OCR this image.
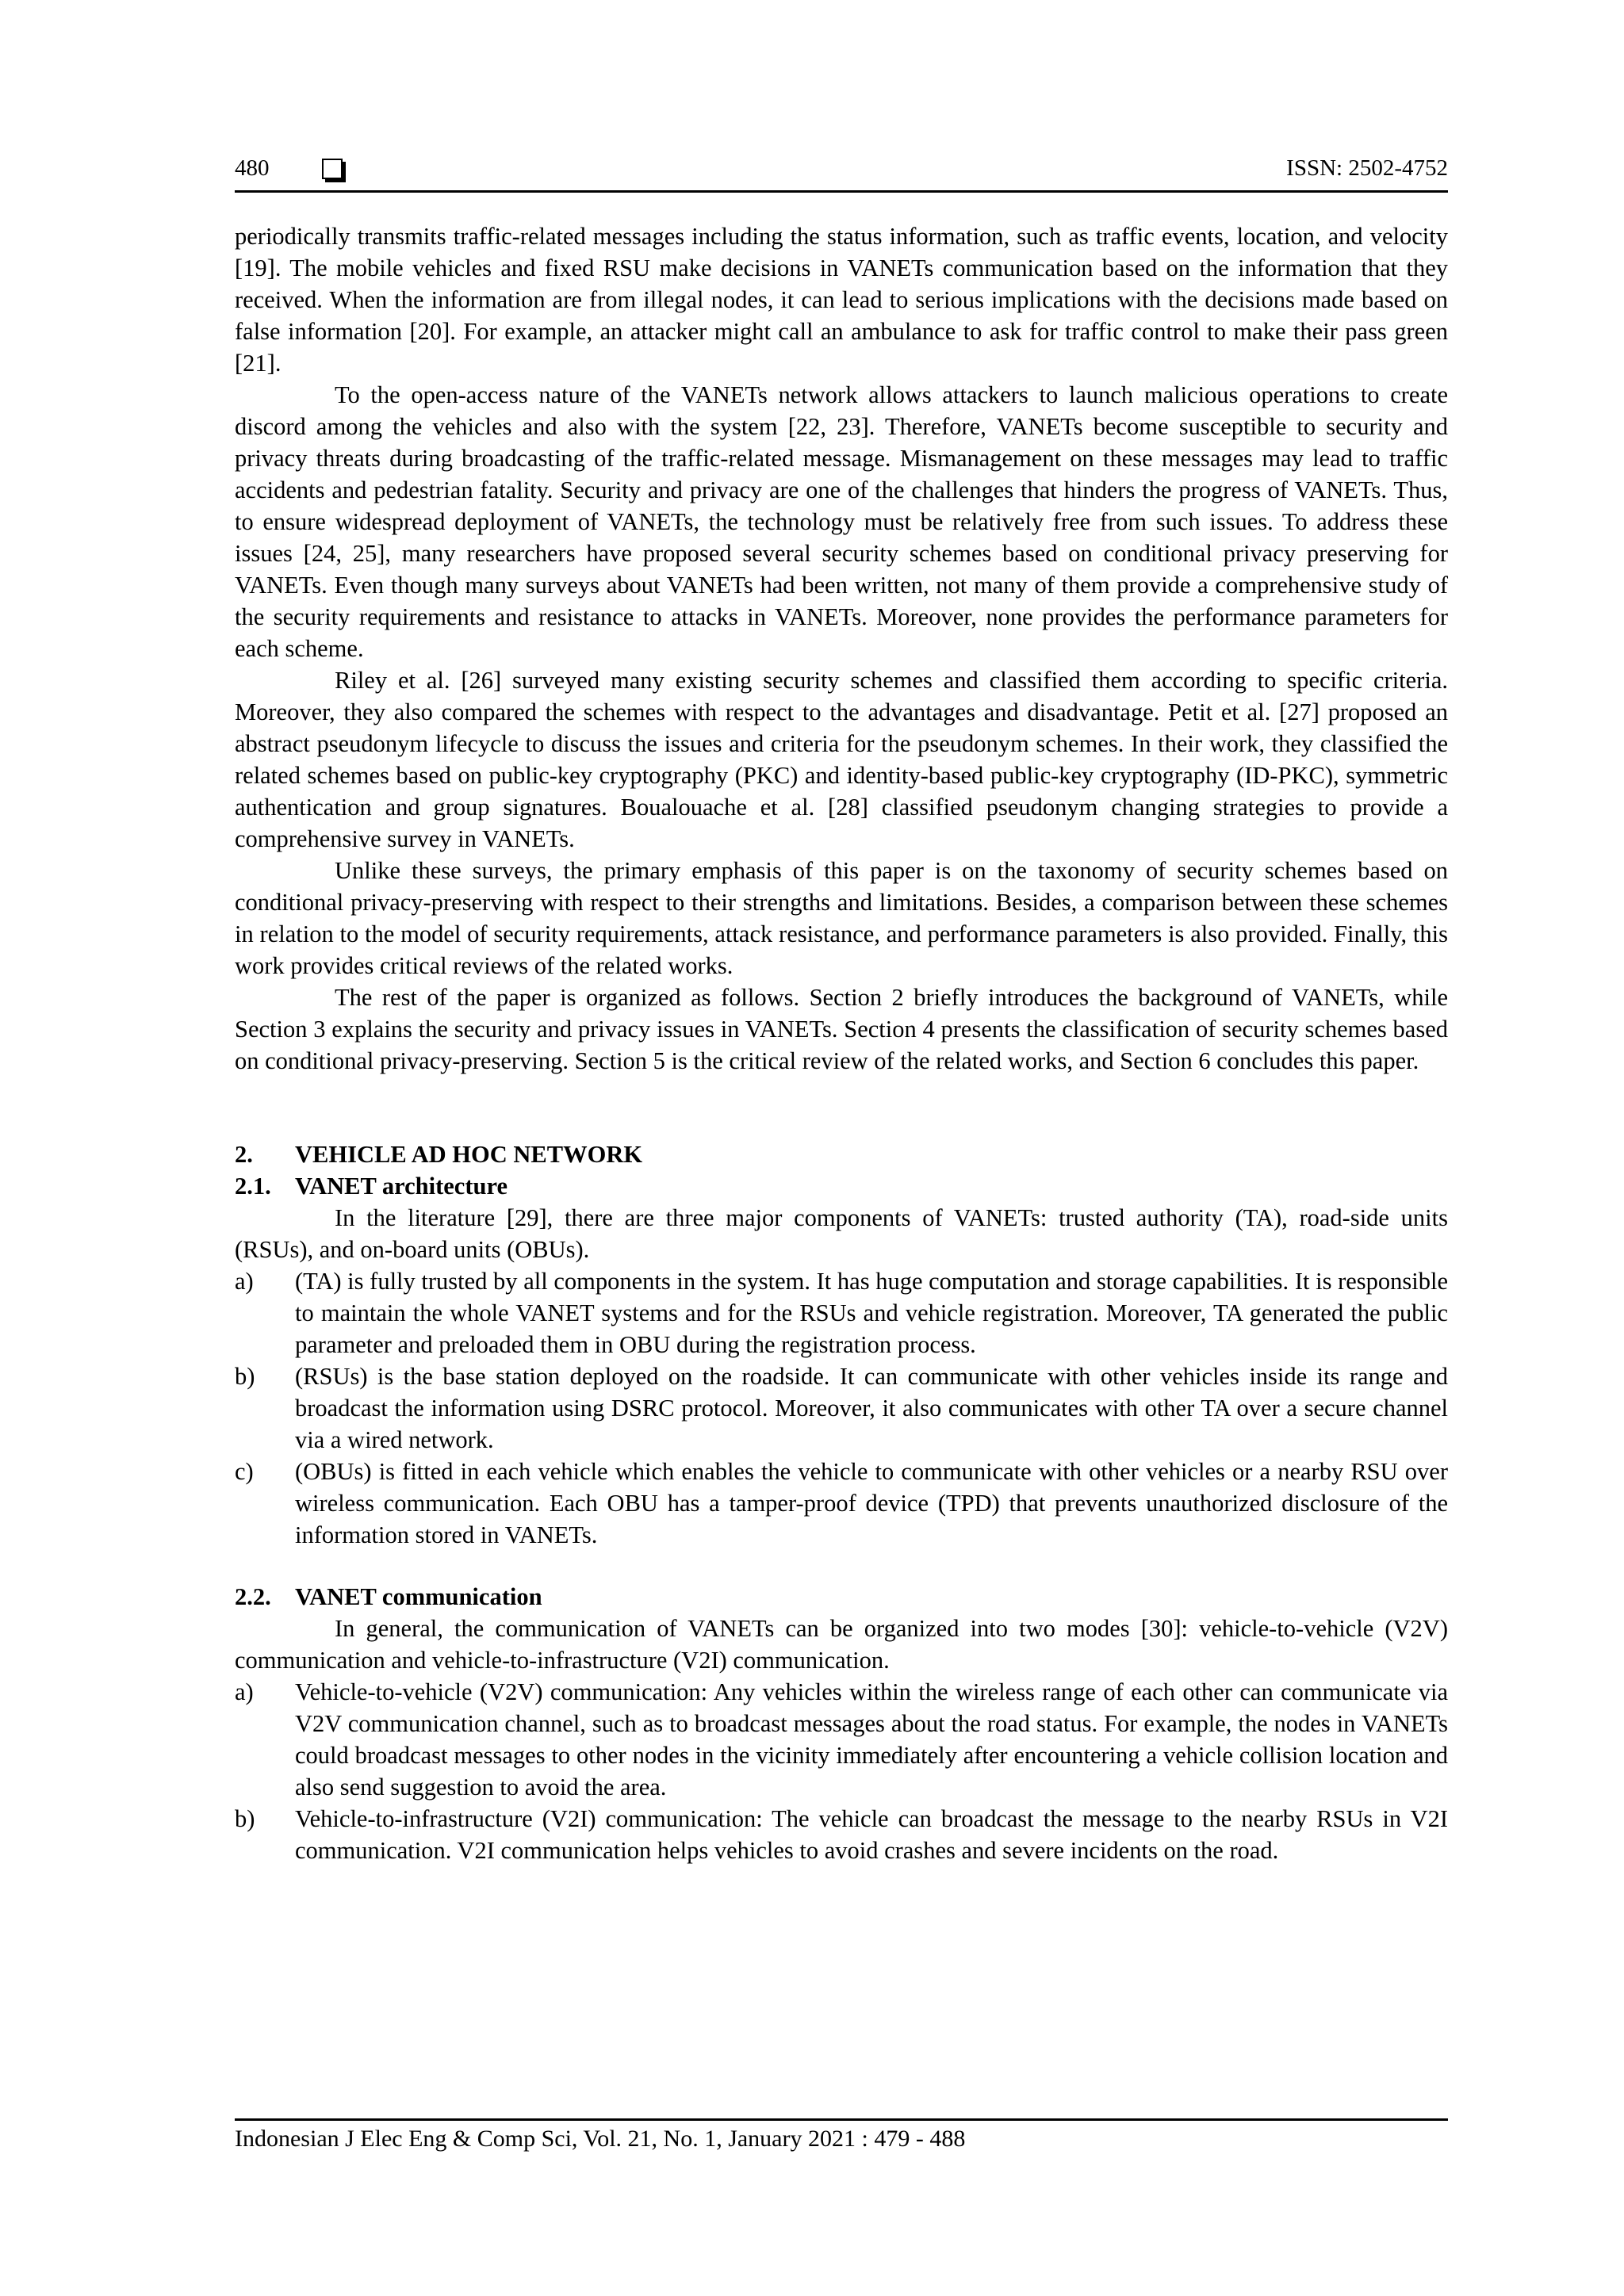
480	ISSN: 2502-4752

periodically transmits traffic-related messages including the status information, such as traffic events, location, and velocity [19]. The mobile vehicles and fixed RSU make decisions in VANETs communication based on the information that they received. When the information are from illegal nodes, it can lead to serious implications with the decisions made based on false information [20]. For example, an attacker might call an ambulance to ask for traffic control to make their pass green [21].

To the open-access nature of the VANETs network allows attackers to launch malicious operations to create discord among the vehicles and also with the system [22, 23]. Therefore, VANETs become susceptible to security and privacy threats during broadcasting of the traffic-related message. Mismanagement on these messages may lead to traffic accidents and pedestrian fatality. Security and privacy are one of the challenges that hinders the progress of VANETs. Thus, to ensure widespread deployment of VANETs, the technology must be relatively free from such issues. To address these issues [24, 25], many researchers have proposed several security schemes based on conditional privacy preserving for VANETs. Even though many surveys about VANETs had been written, not many of them provide a comprehensive study of the security requirements and resistance to attacks in VANETs. Moreover, none provides the performance parameters for each scheme.

Riley et al. [26] surveyed many existing security schemes and classified them according to specific criteria. Moreover, they also compared the schemes with respect to the advantages and disadvantage. Petit et al. [27] proposed an abstract pseudonym lifecycle to discuss the issues and criteria for the pseudonym schemes. In their work, they classified the related schemes based on public-key cryptography (PKC) and identity-based public-key cryptography (ID-PKC), symmetric authentication and group signatures. Boualouache et al. [28] classified pseudonym changing strategies to provide a comprehensive survey in VANETs.

Unlike these surveys, the primary emphasis of this paper is on the taxonomy of security schemes based on conditional privacy-preserving with respect to their strengths and limitations. Besides, a comparison between these schemes in relation to the model of security requirements, attack resistance, and performance parameters is also provided. Finally, this work provides critical reviews of the related works.

The rest of the paper is organized as follows. Section 2 briefly introduces the background of VANETs, while Section 3 explains the security and privacy issues in VANETs. Section 4 presents the classification of security schemes based on conditional privacy-preserving. Section 5 is the critical review of the related works, and Section 6 concludes this paper.

2. VEHICLE AD HOC NETWORK

2.1. VANET architecture

In the literature [29], there are three major components of VANETs: trusted authority (TA), road-side units (RSUs), and on-board units (OBUs).

a) (TA) is fully trusted by all components in the system. It has huge computation and storage capabilities. It is responsible to maintain the whole VANET systems and for the RSUs and vehicle registration. Moreover, TA generated the public parameter and preloaded them in OBU during the registration process.
b) (RSUs) is the base station deployed on the roadside. It can communicate with other vehicles inside its range and broadcast the information using DSRC protocol. Moreover, it also communicates with other TA over a secure channel via a wired network.
c) (OBUs) is fitted in each vehicle which enables the vehicle to communicate with other vehicles or a nearby RSU over wireless communication. Each OBU has a tamper-proof device (TPD) that prevents unauthorized disclosure of the information stored in VANETs.

2.2. VANET communication

In general, the communication of VANETs can be organized into two modes [30]: vehicle-to-vehicle (V2V) communication and vehicle-to-infrastructure (V2I) communication.

a) Vehicle-to-vehicle (V2V) communication: Any vehicles within the wireless range of each other can communicate via V2V communication channel, such as to broadcast messages about the road status. For example, the nodes in VANETs could broadcast messages to other nodes in the vicinity immediately after encountering a vehicle collision location and also send suggestion to avoid the area.
b) Vehicle-to-infrastructure (V2I) communication: The vehicle can broadcast the message to the nearby RSUs in V2I communication. V2I communication helps vehicles to avoid crashes and severe incidents on the road.
Indonesian J Elec Eng & Comp Sci, Vol. 21, No. 1, January 2021 : 479 - 488
